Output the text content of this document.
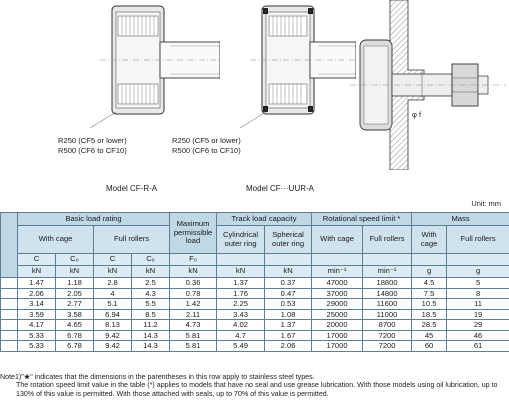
R250 (CF5 or lower)
R500 (CF6 to CF10)
Model CF-R-A
R250 (CF5 or lower)
R500 (CF6 to CF10)
Model CF···UUR-A
φ f
Unit: mm
	Basic load rating				Maximum permissible load	Track load capacity		Rotational speed limit *		Mass	
	With cage		Full rollers			Cylindrical outer ring	Spherical outer ring	With cage	Full rollers	With cage	Full rollers
	C	C₀	C	C₀	F₀						
	kN	kN	kN	kN	kN	kN	kN	min⁻¹	min⁻¹	g	g
	1.47	1.18	2.8	2.5	0.36	1.37	0.37	47000	18800	4.5	5
	2.06	2.05	4	4.3	0.78	1.76	0.47	37000	14800	7.5	8
	3.14	2.77	5.1	5.5	1.42	2.25	0.53	29000	11600	10.5	11
	3.59	3.58	6.94	8.5	2.11	3.43	1.08	25000	11000	18.5	19
	4.17	4.65	8.13	11.2	4.73	4.02	1.37	20000	8700	28.5	29
	5.33	6.78	9.42	14.3	5.81	4.7	1.67	17000	7200	45	46
	5.33	6.78	9.42	14.3	5.81	5.49	2.06	17000	7200	60	61
Note1)"★" indicates that the dimensions in the parentheses in this row apply to stainless steel types.
The rotation speed limit value in the table (*) applies to models that have no seal and use grease lubrication. With those models using oil lubrication, up to 130% of this value is permitted. With those attached with seals, up to 70% of this value is permitted.
